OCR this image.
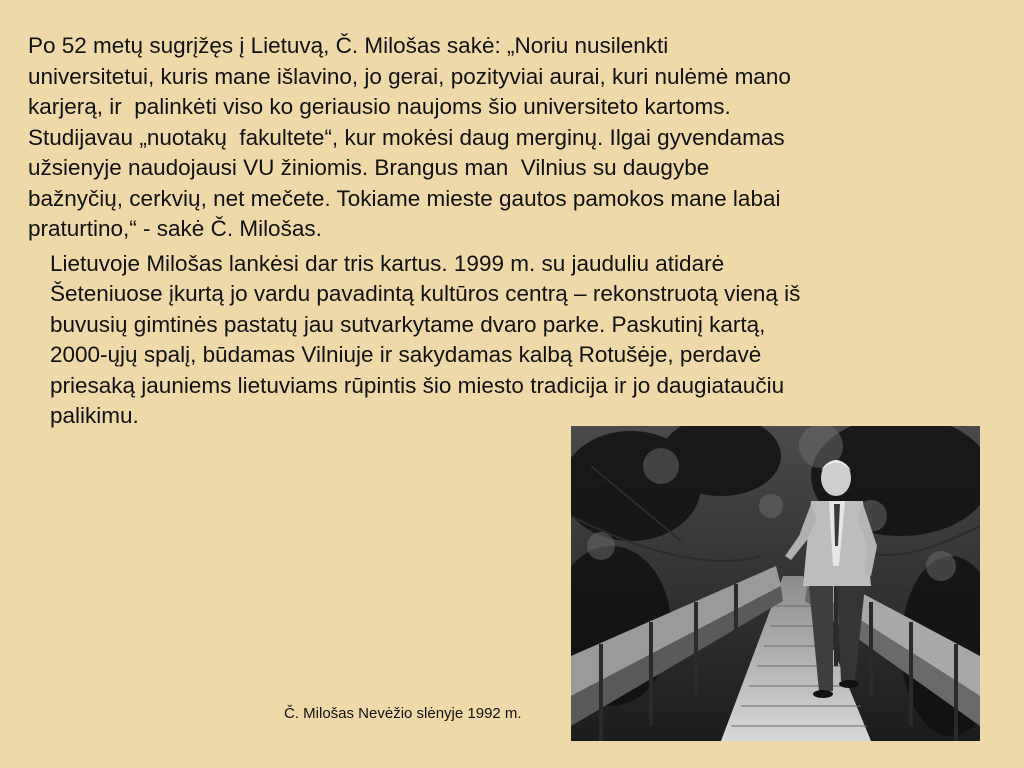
Po 52 metų sugrįžęs į Lietuvą, Č. Milošas sakė: „Noriu nusilenkti
universitetui, kuris mane išlavino, jo gerai, pozityviai aurai, kuri nulėmė mano
karjerą, ir  palinkėti viso ko geriausio naujoms šio universiteto kartoms.
Studijavau „nuotakų  fakultete“, kur mokėsi daug merginų. Ilgai gyvendamas
užsienyje naudojausi VU žiniomis. Brangus man  Vilnius su daugybe
bažnyčių, cerkvių, net mečete. Tokiame mieste gautos pamokos mane labai
praturtino,“ - sakė Č. Milošas.

Lietuvoje Milošas lankėsi dar tris kartus. 1999 m. su jauduliu atidarė
Šeteniuose įkurtą jo vardu pavadintą kultūros centrą – rekonstruotą vieną iš
buvusių gimtinės pastatų jau sutvarkytame dvaro parke. Paskutinį kartą,
2000-ųjų spalį, būdamas Vilniuje ir sakydamas kalbą Rotušėje, perdavė
priesaką jauniems lietuviams rūpintis šio miesto tradicija ir jo daugiataučiu
palikimu.

Č. Milošas Nevėžio slėnyje 1992 m.
